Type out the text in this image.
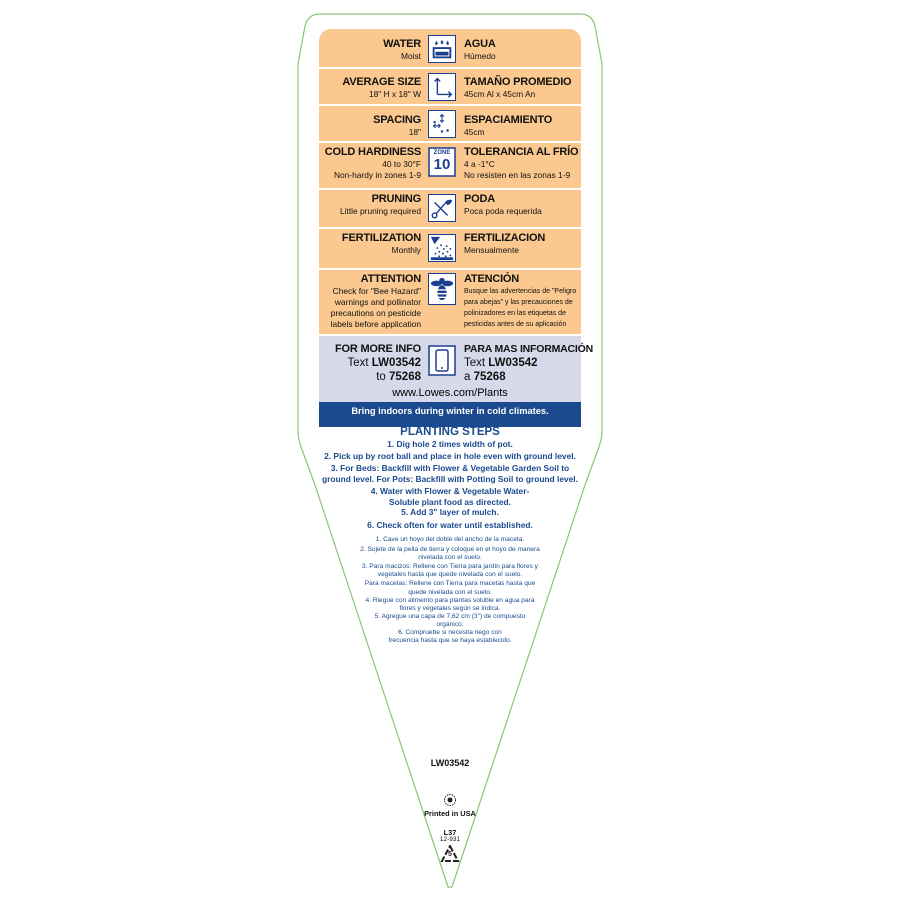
WATER
Moist
AGUA
Húmedo
AVERAGE SIZE
18" H x 18" W
TAMAÑO PROMEDIO
45cm Al x 45cm An
SPACING
18"
ESPACIAMIENTO
45cm
COLD HARDINESS
40 to 30°F
Non-hardy in zones 1-9
ZONE
10
TOLERANCIA AL FRÍO
4 a -1°C
No resisten en las zonas 1-9
PRUNING
Little pruning required
PODA
Poca poda requerida
FERTILIZATION
Monthly
FERTILIZACION
Mensualmente
ATTENTION
Check for "Bee Hazard"
warnings and pollinator
precautions on pesticide
labels before application
ATENCIÓN
Busque las advertencias de "Peligro
para abejas" y las precauciones de
polinizadores en las etiquetas de
pesticidas antes de su aplicación
FOR MORE INFO
Text LW03542
to 75268
PARA MAS INFORMACIÓN
Text LW03542
a 75268
www.Lowes.com/Plants
Bring indoors during winter in cold climates.
PLANTING STEPS
1. Dig hole 2 times width of pot.
2. Pick up by root ball and place in hole even with ground level.
3. For Beds: Backfill with Flower & Vegetable Garden Soil to ground level. For Pots: Backfill with Potting Soil to ground level.
4. Water with Flower & Vegetable Water-Soluble plant food as directed.
5. Add 3" layer of mulch.
6. Check often for water until established.
1. Cave un hoyo del doble del ancho de la maceta.
2. Sujete de la pella de tierra y coloque en el hoyo de manera nivelada con el suelo.
3. Para macizos: Rellene con Tierra para jardín para flores y vegetales hasta que quede nivelada con el suelo.
Para macetas: Rellene con Tierra para macetas hasta que quede nivelada con el suelo.
4. Riegue con alimento para plantas soluble en agua para flores y vegetales según se indica.
5. Agregue una capa de 7,62 cm (3") de compuesto orgánico.
6. Compruebe si necesita riego con frecuencia hasta que se haya establecido.
LW03542
Printed in USA
L37
12-931
5
